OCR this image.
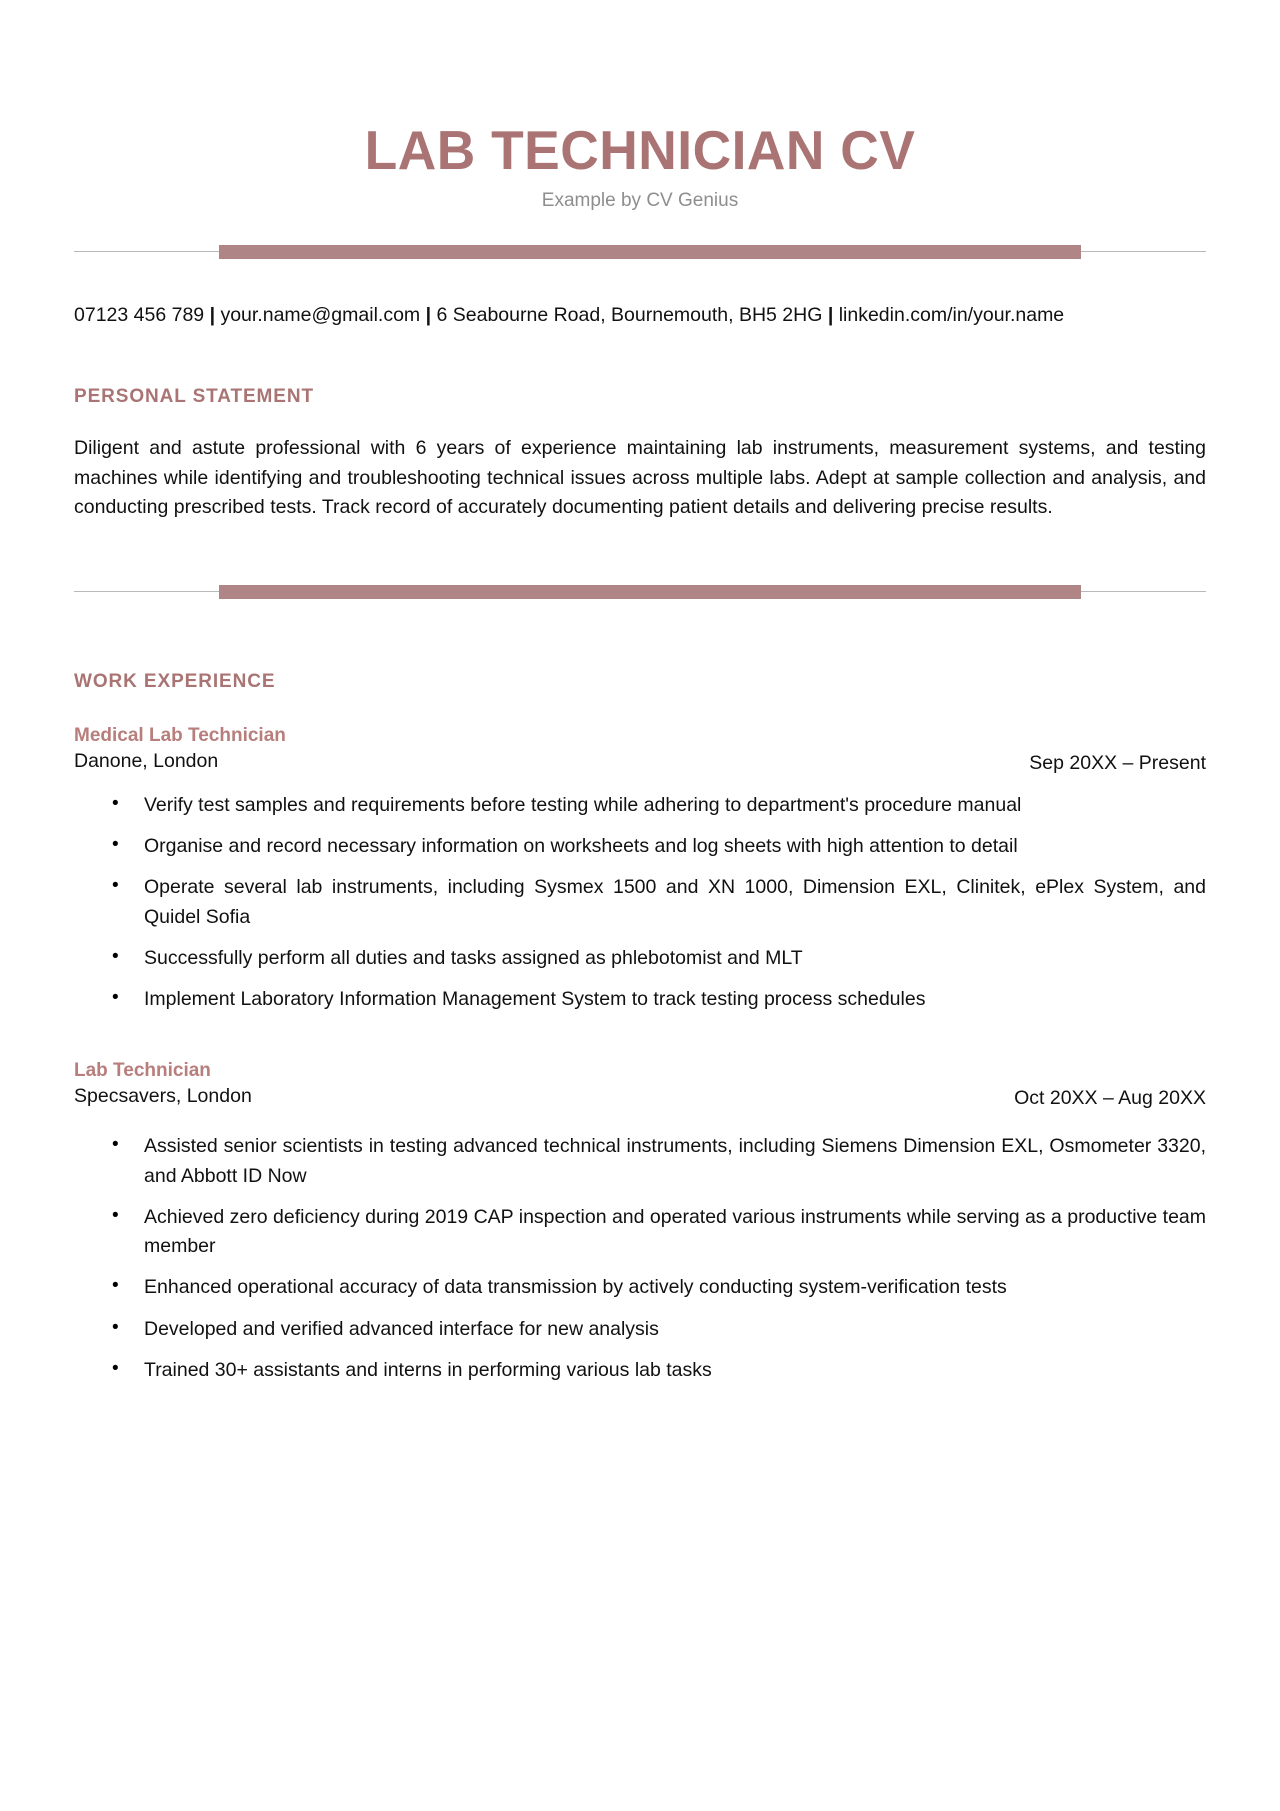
LAB TECHNICIAN CV

Example by CV Genius

07123 456 789 | your.name@gmail.com | 6 Seabourne Road, Bournemouth, BH5 2HG | linkedin.com/in/your.name
PERSONAL STATEMENT

Diligent and astute professional with 6 years of experience maintaining lab instruments, measurement systems, and testing machines while identifying and troubleshooting technical issues across multiple labs. Adept at sample collection and analysis, and conducting prescribed tests. Track record of accurately documenting patient details and delivering precise results.

WORK EXPERIENCE
Medical Lab Technician
Danone, London	Sep 20XX – Present
• Verify test samples and requirements before testing while adhering to department's procedure manual
• Organise and record necessary information on worksheets and log sheets with high attention to detail
• Operate several lab instruments, including Sysmex 1500 and XN 1000, Dimension EXL, Clinitek, ePlex System, and Quidel Sofia
• Successfully perform all duties and tasks assigned as phlebotomist and MLT
• Implement Laboratory Information Management System to track testing process schedules
Lab Technician
Specsavers, London	Oct 20XX – Aug 20XX
• Assisted senior scientists in testing advanced technical instruments, including Siemens Dimension EXL, Osmometer 3320, and Abbott ID Now
• Achieved zero deficiency during 2019 CAP inspection and operated various instruments while serving as a productive team member
• Enhanced operational accuracy of data transmission by actively conducting system-verification tests
• Developed and verified advanced interface for new analysis
• Trained 30+ assistants and interns in performing various lab tasks
